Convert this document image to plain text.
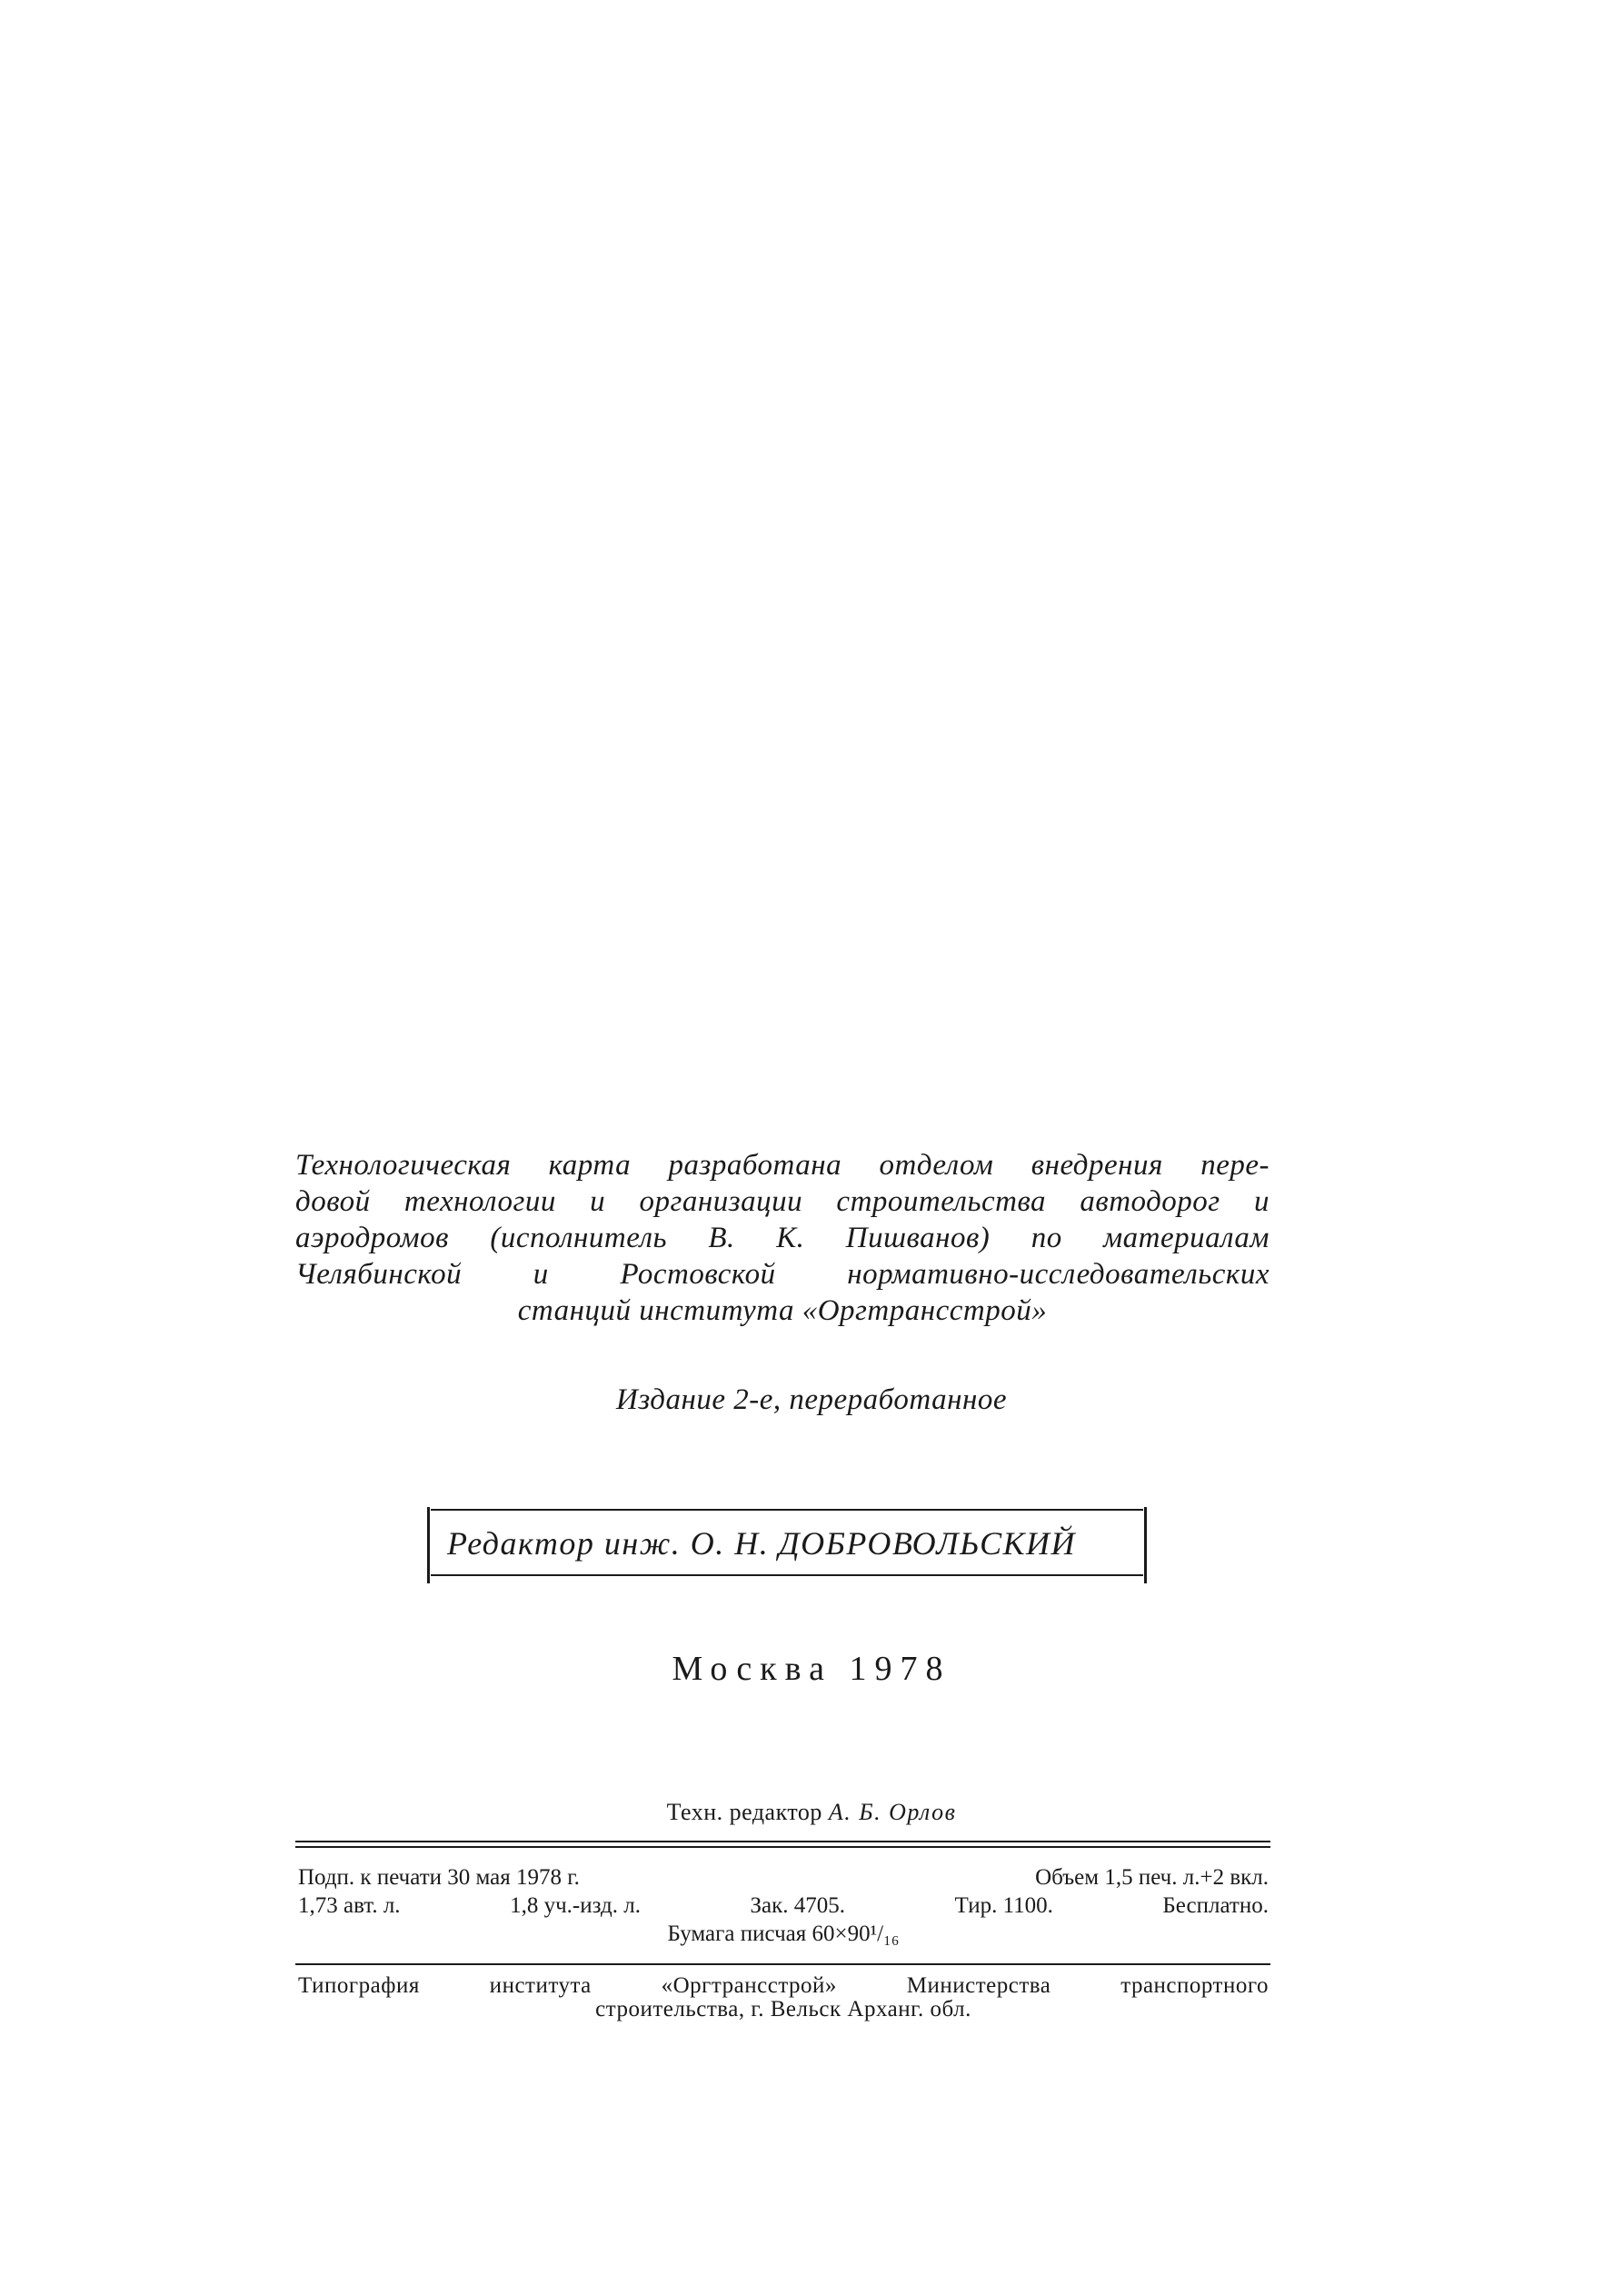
Технологическая карта разработана отделом внедрения пере-
довой технологии и организации строительства автодорог и
аэродромов (исполнитель В. К. Пишванов) по материалам
Челябинской и Ростовской нормативно-исследовательских
станций института «Оргтрансстрой»
Издание 2-е, переработанное
Редактор инж. О. Н. ДОБРОВОЛЬСКИЙ
Москва 1978
Техн. редактор А. Б. Орлов
Подп. к печати 30 мая 1978 г.	Объем 1,5 печ. л.+2 вкл.
1,73 авт. л.	1,8 уч.-изд. л.	Зак. 4705.	Тир. 1100.	Бесплатно.
Бумага писчая 60×90¹/₁₆
Типография института «Оргтрансстрой» Министерства транспортного
строительства, г. Вельск Арханг. обл.
